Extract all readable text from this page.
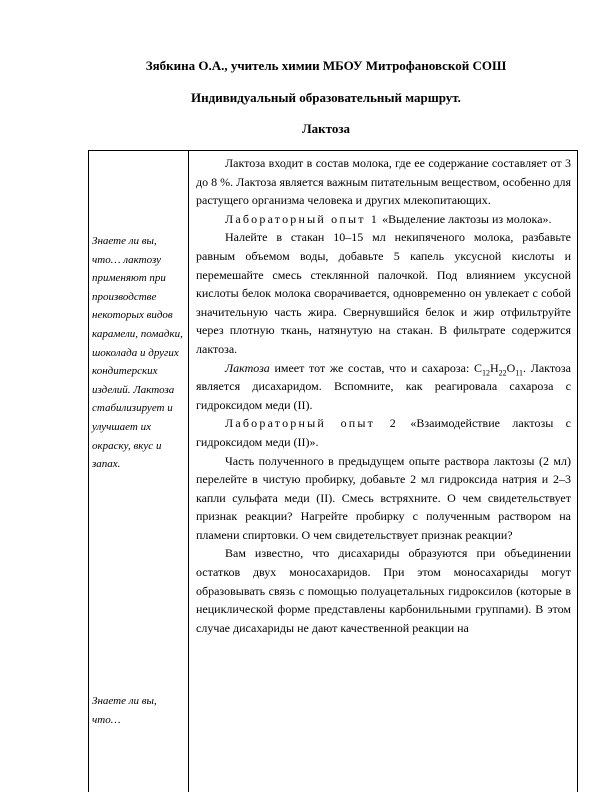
Зябкина О.А., учитель химии МБОУ Митрофановской СОШ
Индивидуальный образовательный маршрут.
Лактоза
Знаете ли вы, что… лактозу применяют при производстве некоторых видов карамели, помадки, шоколада и других кондитерских изделий. Лактоза стабилизирует и улучшает их окраску, вкус и запах.
Знаете ли вы, что…

Лактоза входит в состав молока, где ее содержание составляет от 3 до 8 %. Лактоза является важным питательным веществом, особенно для растущего организма человека и других млекопитающих.

Лабораторный опыт 1 «Выделение лактозы из молока».

Налейте в стакан 10–15 мл некипяченого молока, разбавьте равным объемом воды, добавьте 5 капель уксусной кислоты и перемешайте смесь стеклянной палочкой. Под влиянием уксусной кислоты белок молока сворачивается, одновременно он увлекает с собой значительную часть жира. Свернувшийся белок и жир отфильтруйте через плотную ткань, натянутую на стакан. В фильтрате содержится лактоза.

Лактоза имеет тот же состав, что и сахароза: $C_{12}H_{22}O_{11}$. Лактоза является дисахаридом. Вспомните, как реагировала сахароза с гидроксидом меди (II).

Лабораторный опыт 2 «Взаимодействие лактозы с гидроксидом меди (II)».

Часть полученного в предыдущем опыте раствора лактозы (2 мл) перелейте в чистую пробирку, добавьте 2 мл гидроксида натрия и 2–3 капли сульфата меди (II). Смесь встряхните. О чем свидетельствует признак реакции? Нагрейте пробирку с полученным раствором на пламени спиртовки. О чем свидетельствует признак реакции?

Вам известно, что дисахариды образуются при объединении остатков двух моносахаридов. При этом моносахариды могут образовывать связь с помощью полуацетальных гидроксилов (которые в нециклической форме представлены карбонильными группами). В этом случае дисахариды не дают качественной реакции на
